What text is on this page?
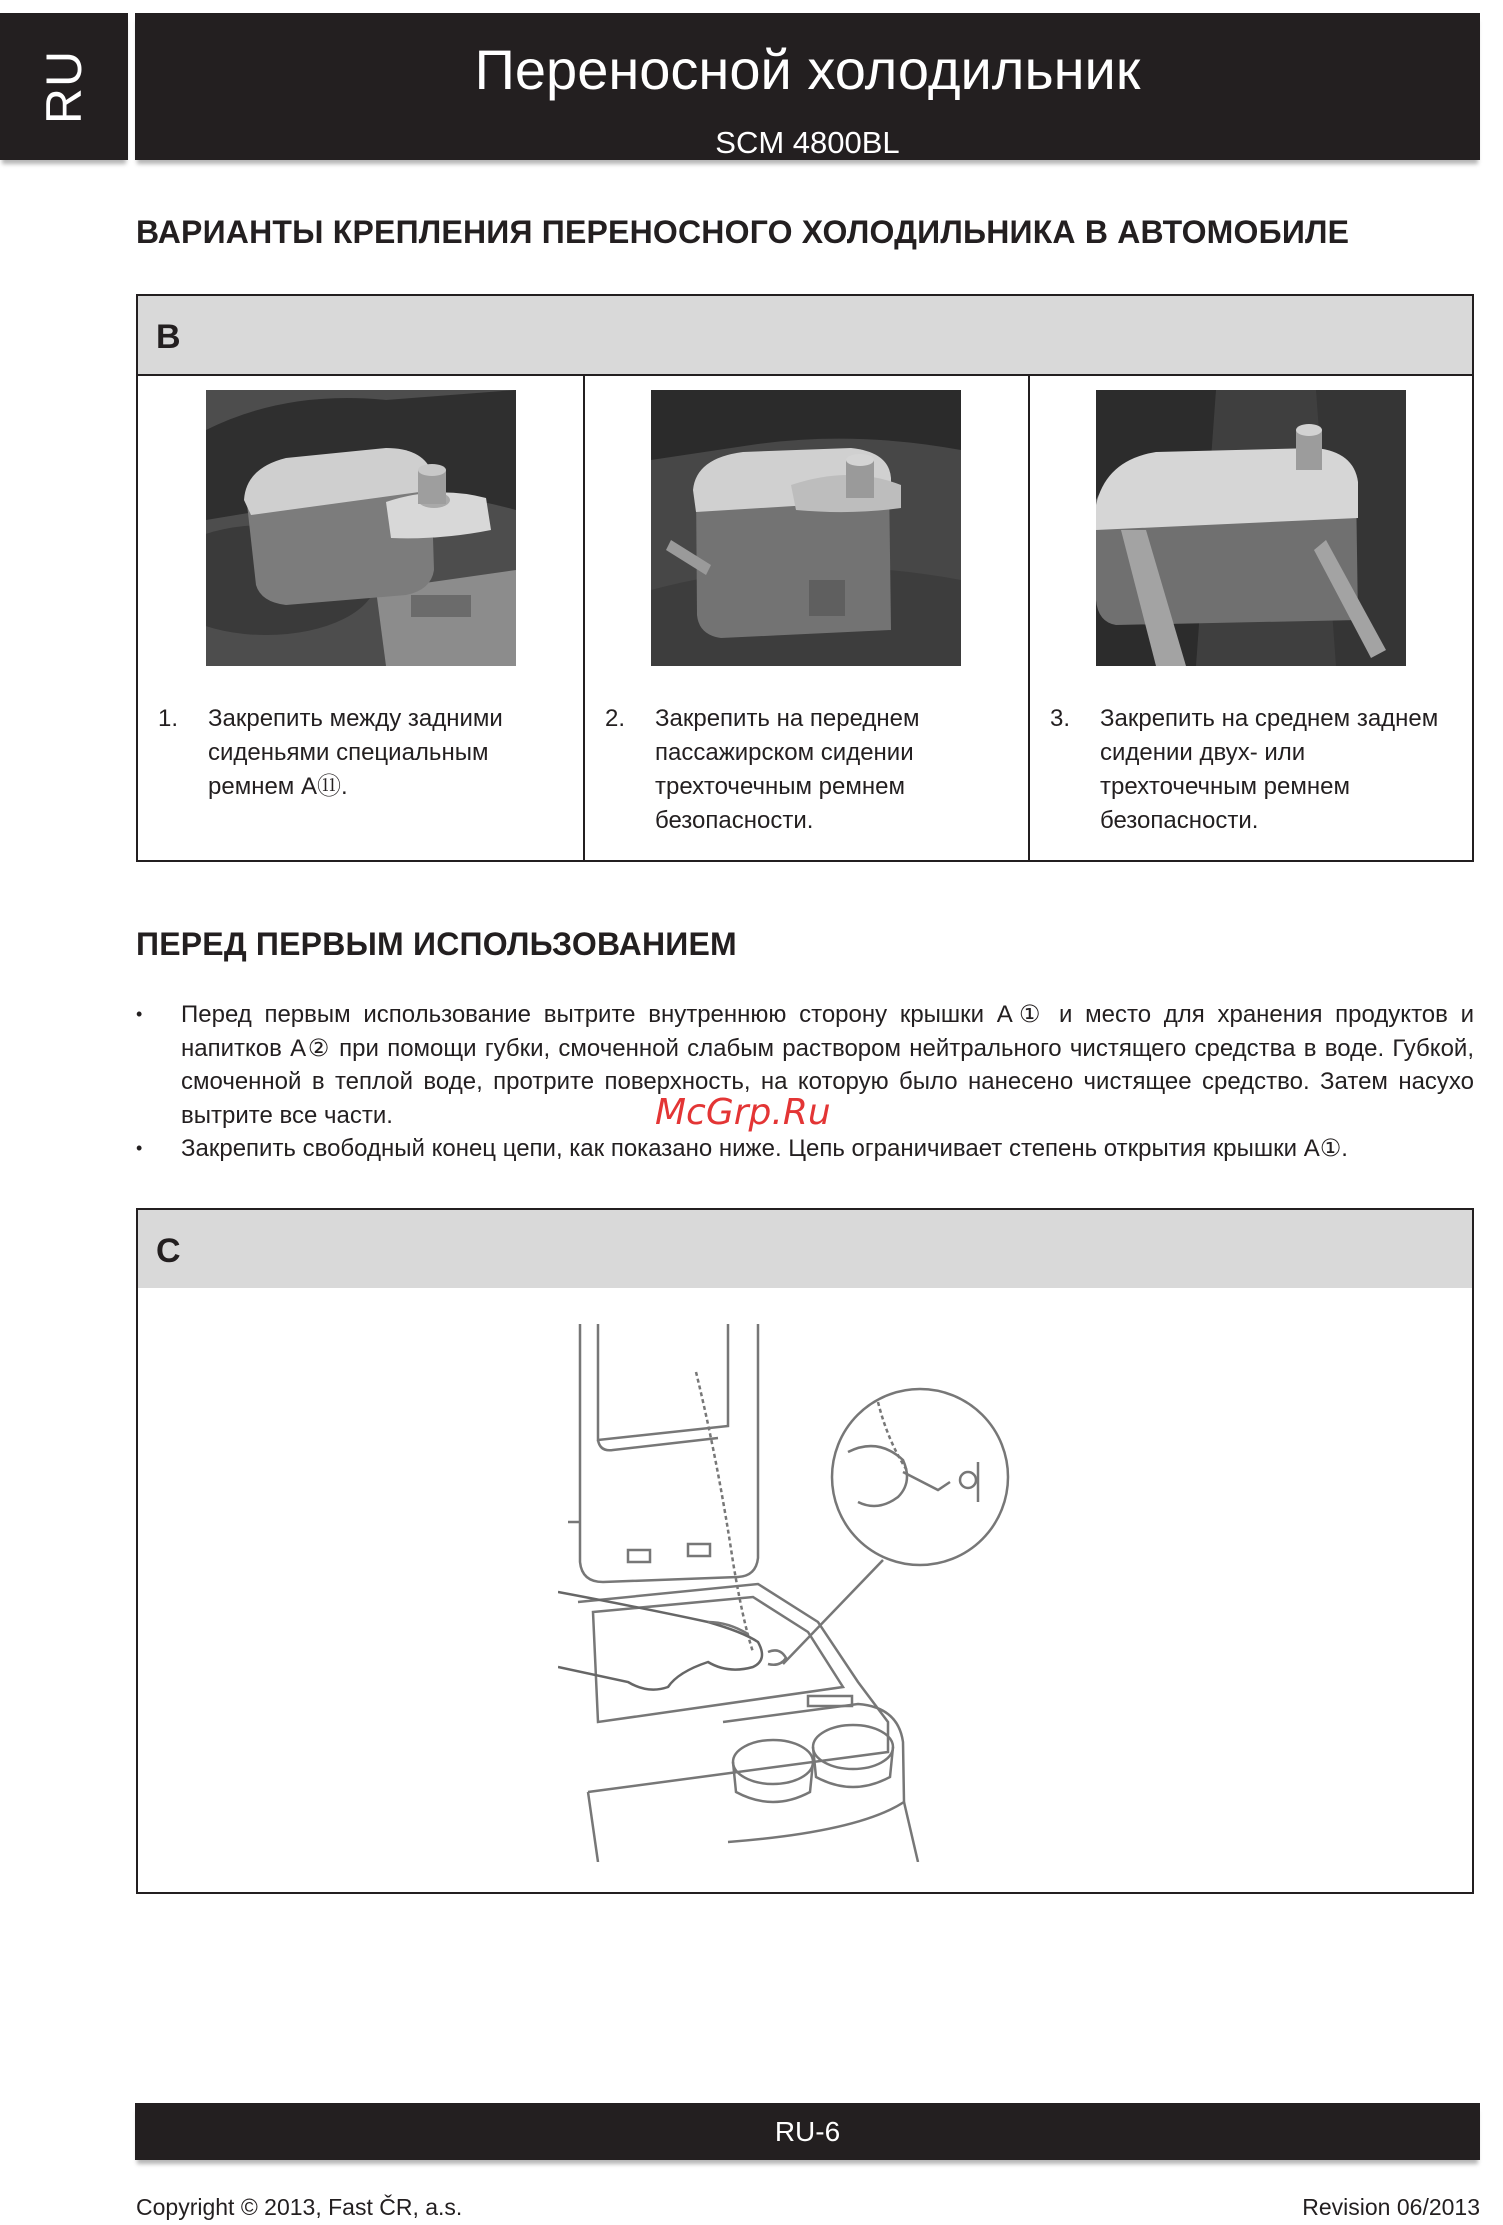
RU	Переносной холодильник
SCM 4800BL
ВАРИАНТЫ КРЕПЛЕНИЯ ПЕРЕНОСНОГО ХОЛОДИЛЬНИКА В АВТОМОБИЛЕ
B
1. Закрепить между задними сиденьями специальным ремнем A⑪.
2. Закрепить на переднем пассажирском сидении трехточечным ремнем безопасности.
3. Закрепить на среднем заднем сидении двух- или трехточечным ремнем безопасности.
ПЕРЕД ПЕРВЫМ ИСПОЛЬЗОВАНИЕМ
• Перед первым использование вытрите внутреннюю сторону крышки A① и место для хранения продуктов и напитков A② при помощи губки, смоченной слабым раствором нейтрального чистящего средства в воде. Губкой, смоченной в теплой воде, протрите поверхность, на которую было нанесено чистящее средство. Затем насухо вытрите все части.
• Закрепить свободный конец цепи, как показано ниже. Цепь ограничивает степень открытия крышки A①.
McGrp.Ru
C
RU-6
Copyright © 2013, Fast ČR, a.s.	Revision 06/2013
